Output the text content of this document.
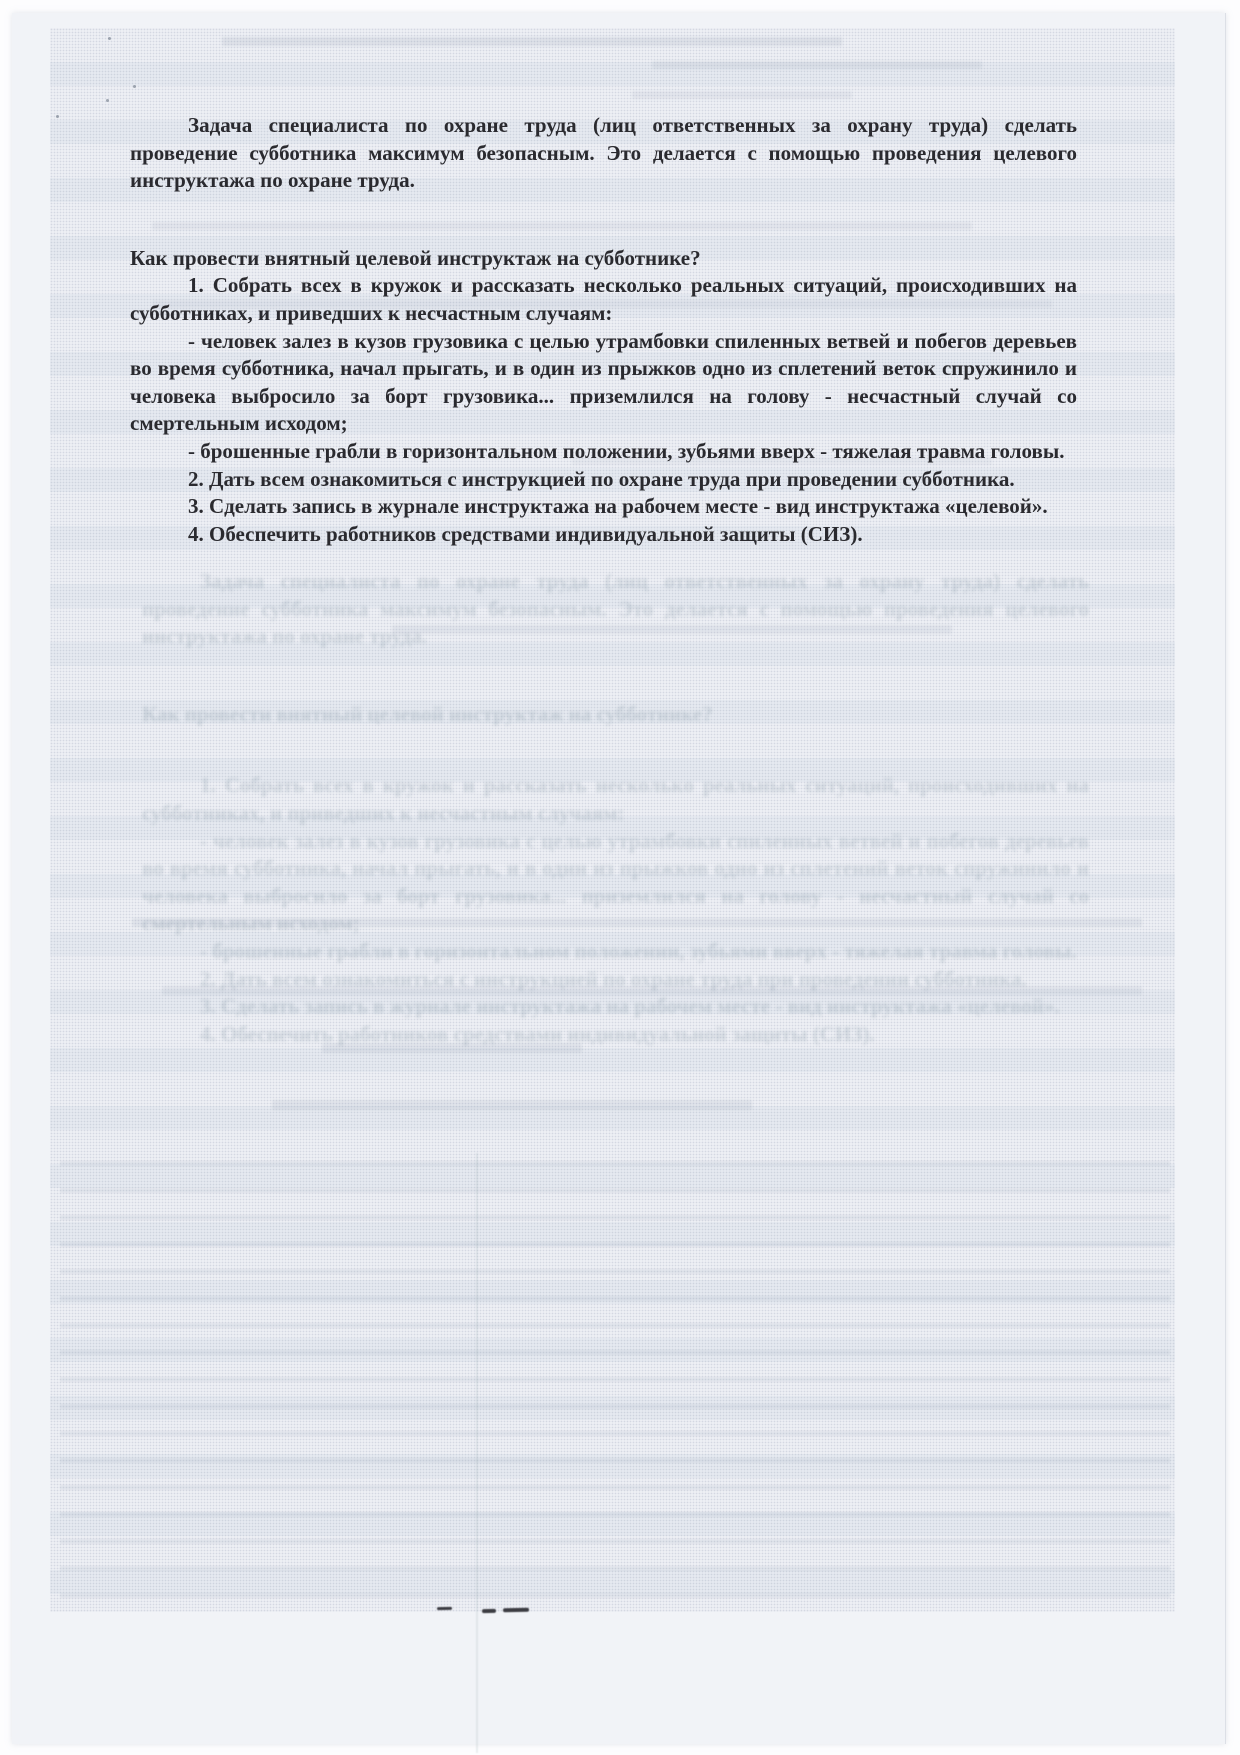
Задача специалиста по охране труда (лиц ответственных за охрану труда) сделать проведение субботника максимум безопасным. Это делается с помощью проведения целевого инструктажа по охране труда.

Как провести внятный целевой инструктаж на субботнике?

1. Собрать всех в кружок и рассказать несколько реальных ситуаций, происходивших на субботниках, и приведших к несчастным случаям:

- человек залез в кузов грузовика с целью утрамбовки спиленных ветвей и побегов деревьев во время субботника, начал прыгать, и в один из прыжков одно из сплетений веток спружинило и человека выбросило за борт грузовика... приземлился на голову - несчастный случай со смертельным исходом;

- брошенные грабли в горизонтальном положении, зубьями вверх - тяжелая травма головы.

2. Дать всем ознакомиться с инструкцией по охране труда при проведении субботника.

3. Сделать запись в журнале инструктажа на рабочем месте - вид инструктажа «целевой».

4. Обеспечить работников средствами индивидуальной защиты (СИЗ).

Задача специалиста по охране труда (лиц ответственных за охрану труда) сделать проведение субботника максимум безопасным. Это делается с помощью проведения целевого инструктажа по охране труда.

Как провести внятный целевой инструктаж на субботнике?

1. Собрать всех в кружок и рассказать несколько реальных ситуаций, происходивших на субботниках, и приведших к несчастным случаям:

- человек залез в кузов грузовика с целью утрамбовки спиленных ветвей и побегов деревьев во время субботника, начал прыгать, и в один из прыжков одно из сплетений веток спружинило и человека выбросило за борт грузовика... приземлился на голову - несчастный случай со смертельным исходом;

- брошенные грабли в горизонтальном положении, зубьями вверх - тяжелая травма головы.

2. Дать всем ознакомиться с инструкцией по охране труда при проведении субботника.

3. Сделать запись в журнале инструктажа на рабочем месте - вид инструктажа «целевой».

4. Обеспечить работников средствами индивидуальной защиты (СИЗ).
